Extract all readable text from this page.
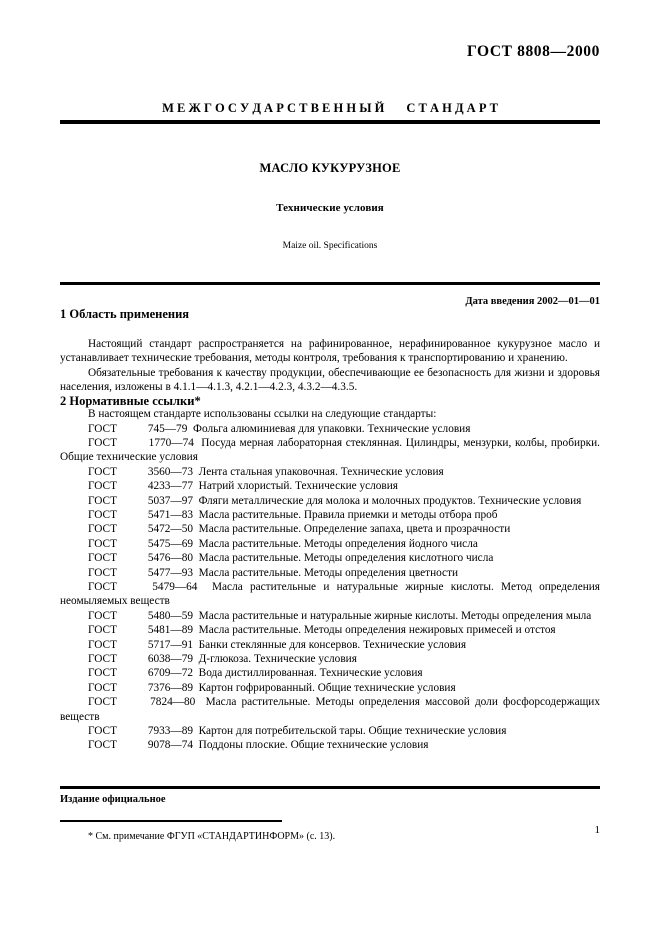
ГОСТ 8808—2000
М Е Ж Г О С У Д А Р С Т В Е Н Н Ы Й С Т А Н Д А Р Т
МАСЛО КУКУРУЗНОЕ
Технические условия
Maize oil. Specifications
Дата введения 2002—01—01
1 Область применения

Настоящий стандарт распространяется на рафинированное, нерафинированное кукурузное масло и устанавливает технические требования, методы контроля, требования к транспортированию и хранению.

Обязательные требования к качеству продукции, обеспечивающие ее безопасность для жизни и здоровья населения, изложены в 4.1.1—4.1.3, 4.2.1—4.2.3, 4.3.2—4.3.5.

2 Нормативные ссылки*

В настоящем стандарте использованы ссылки на следующие стандарты:

ГОСТ	745—79 Фольга алюминиевая для упаковки. Технические условия
ГОСТ	1770—74 Посуда мерная лабораторная стеклянная. Цилиндры, мензурки, колбы, пробирки. Общие технические условия
ГОСТ	3560—73 Лента стальная упаковочная. Технические условия
ГОСТ	4233—77 Натрий хлористый. Технические условия
ГОСТ	5037—97 Фляги металлические для молока и молочных продуктов. Технические условия
ГОСТ	5471—83 Масла растительные. Правила приемки и методы отбора проб
ГОСТ	5472—50 Масла растительные. Определение запаха, цвета и прозрачности
ГОСТ	5475—69 Масла растительные. Методы определения йодного числа
ГОСТ	5476—80 Масла растительные. Методы определения кислотного числа
ГОСТ	5477—93 Масла растительные. Методы определения цветности
ГОСТ	5479—64 Масла растительные и натуральные жирные кислоты. Метод определения неомыляемых веществ
ГОСТ	5480—59 Масла растительные и натуральные жирные кислоты. Методы определения мыла
ГОСТ	5481—89 Масла растительные. Методы определения нежировых примесей и отстоя
ГОСТ	5717—91 Банки стеклянные для консервов. Технические условия
ГОСТ	6038—79 Д-глюкоза. Технические условия
ГОСТ	6709—72 Вода дистиллированная. Технические условия
ГОСТ	7376—89 Картон гофрированный. Общие технические условия
ГОСТ	7824—80 Масла растительные. Методы определения массовой доли фосфорсодержащих веществ
ГОСТ	7933—89 Картон для потребительской тары. Общие технические условия
ГОСТ	9078—74 Поддоны плоские. Общие технические условия
Издание официальное
* См. примечание ФГУП «СТАНДАРТИНФОРМ» (с. 13).	1
